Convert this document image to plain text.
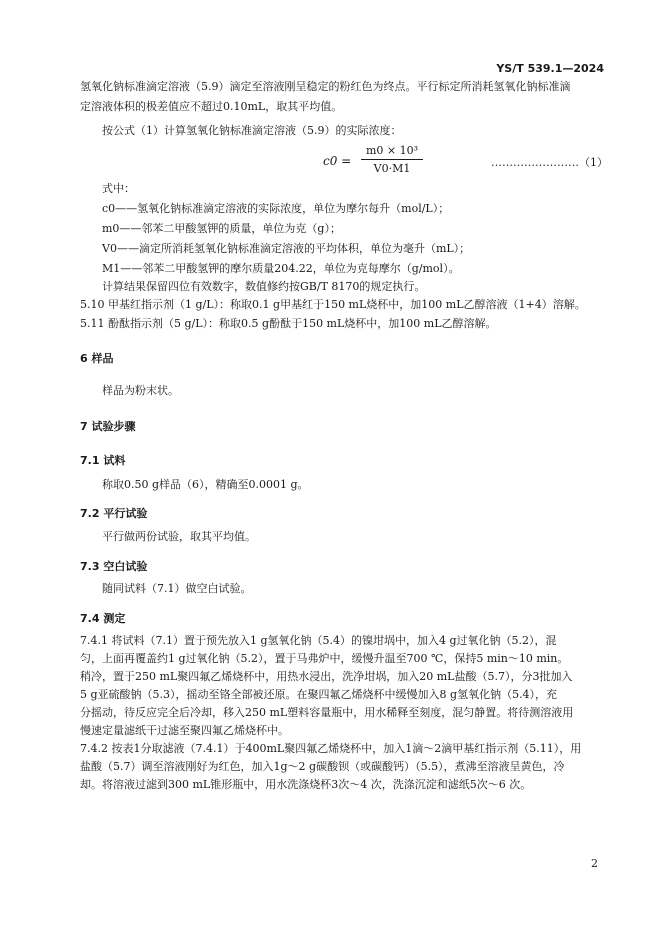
YS/T 539.1—2024
氢氧化钠标准滴定溶液（5.9）滴定至溶液刚呈稳定的粉红色为终点。平行标定所消耗氢氧化钠标准滴
定溶液体积的极差值应不超过0.10mL，取其平均值。
按公式（1）计算氢氧化钠标准滴定溶液（5.9）的实际浓度：
c0 =
m0 × 10³
V0·M1	……………………（1）
式中：
c0——氢氧化钠标准滴定溶液的实际浓度，单位为摩尔每升（mol/L）；
m0——邻苯二甲酸氢钾的质量，单位为克（g）；
V0——滴定所消耗氢氧化钠标准滴定溶液的平均体积，单位为毫升（mL）；
M1——邻苯二甲酸氢钾的摩尔质量204.22，单位为克每摩尔（g/mol）。
计算结果保留四位有效数字，数值修约按GB/T 8170的规定执行。
5.10 甲基红指示剂（1 g/L）：称取0.1 g甲基红于150 mL烧杯中，加100 mL乙醇溶液（1+4）溶解。
5.11 酚酞指示剂（5 g/L）：称取0.5 g酚酞于150 mL烧杯中，加100 mL乙醇溶解。
6 样品
样品为粉末状。
7 试验步骤
7.1 试料
称取0.50 g样品（6），精确至0.0001 g。
7.2 平行试验
平行做两份试验，取其平均值。
7.3 空白试验
随同试料（7.1）做空白试验。
7.4 测定
7.4.1 将试料（7.1）置于预先放入1 g氢氧化钠（5.4）的镍坩埚中，加入4 g过氧化钠（5.2），混
匀，上面再覆盖约1 g过氧化钠（5.2），置于马弗炉中，缓慢升温至700 ℃，保持5 min～10 min。
稍冷，置于250 mL聚四氟乙烯烧杯中，用热水浸出，洗净坩埚，加入20 mL盐酸（5.7），分3批加入
5 g亚硫酸钠（5.3），摇动至铬全部被还原。在聚四氟乙烯烧杯中缓慢加入8 g氢氧化钠（5.4），充
分摇动，待反应完全后冷却，移入250 mL塑料容量瓶中，用水稀释至刻度，混匀静置。将待测溶液用
慢速定量滤纸干过滤至聚四氟乙烯烧杯中。
7.4.2 按表1分取滤液（7.4.1）于400mL聚四氟乙烯烧杯中，加入1滴～2滴甲基红指示剂（5.11），用
盐酸（5.7）调至溶液刚好为红色，加入1g～2 g碳酸钡（或碳酸钙）（5.5），煮沸至溶液呈黄色，冷
却。将溶液过滤到300 mL锥形瓶中，用水洗涤烧杯3次～4 次，洗涤沉淀和滤纸5次～6 次。
2
